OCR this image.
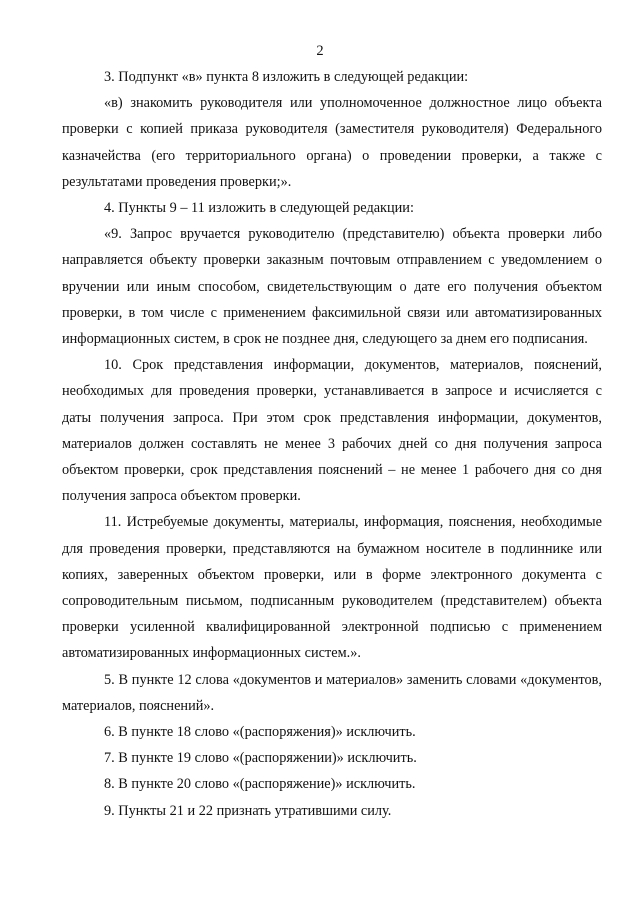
2

3. Подпункт «в» пункта 8 изложить в следующей редакции:

«в) знакомить руководителя или уполномоченное должностное лицо объекта проверки с копией приказа руководителя (заместителя руководителя) Федерального казначейства (его территориального органа) о проведении проверки, а также с результатами проведения проверки;».

4. Пункты 9 – 11 изложить в следующей редакции:

«9. Запрос вручается руководителю (представителю) объекта проверки либо направляется объекту проверки заказным почтовым отправлением с уведомлением о вручении или иным способом, свидетельствующим о дате его получения объектом проверки, в том числе с применением факсимильной связи или автоматизированных информационных систем, в срок не позднее дня, следующего за днем его подписания.

10. Срок представления информации, документов, материалов, пояснений, необходимых для проведения проверки, устанавливается в запросе и исчисляется с даты получения запроса. При этом срок представления информации, документов, материалов должен составлять не менее 3 рабочих дней со дня получения запроса объектом проверки, срок представления пояснений – не менее 1 рабочего дня со дня получения запроса объектом проверки.

11. Истребуемые документы, материалы, информация, пояснения, необходимые для проведения проверки, представляются на бумажном носителе в подлиннике или копиях, заверенных объектом проверки, или в форме электронного документа с сопроводительным письмом, подписанным руководителем (представителем) объекта проверки усиленной квалифицированной электронной подписью с применением автоматизированных информационных систем.».

5. В пункте 12 слова «документов и материалов» заменить словами «документов, материалов, пояснений».

6. В пункте 18 слово «(распоряжения)» исключить.

7. В пункте 19 слово «(распоряжении)» исключить.

8. В пункте 20 слово «(распоряжение)» исключить.

9. Пункты 21 и 22 признать утратившими силу.
